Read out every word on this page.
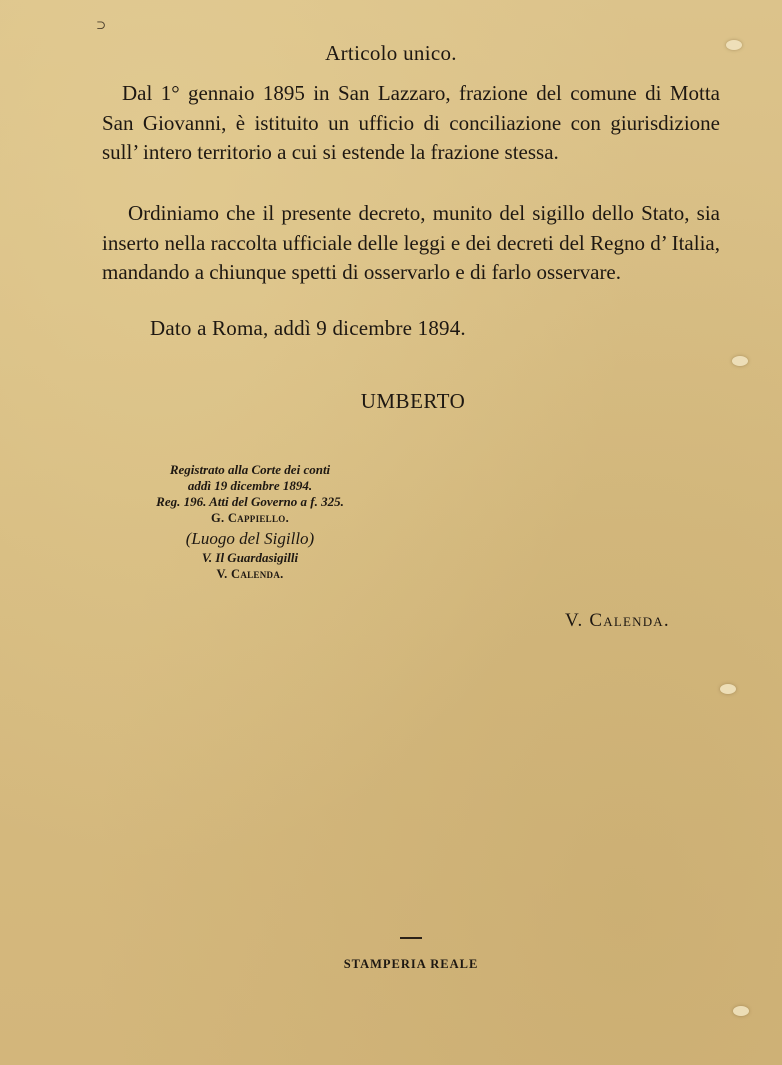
⊃
Articolo unico.

Dal 1° gennaio 1895 in San Lazzaro, frazione del comune di Motta San Giovanni, è istituito un ufficio di conciliazione con giurisdizione sull’ intero territorio a cui si estende la frazione stessa.

Ordiniamo che il presente decreto, munito del sigillo dello Stato, sia inserto nella raccolta ufficiale delle leggi e dei decreti del Regno d’ Italia, mandando a chiunque spetti di osservarlo e di farlo osservare.

Dato a Roma, addì 9 dicembre 1894.
UMBERTO
Registrato alla Corte dei conti
addì 19 dicembre 1894.
Reg. 196. Atti del Governo a f. 325.
G. Cappiello.
(Luogo del Sigillo)
V. Il Guardasigilli
V. Calenda.
V. Calenda.
STAMPERIA REALE
